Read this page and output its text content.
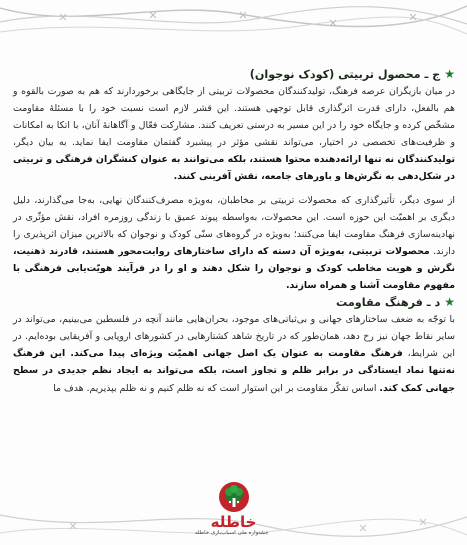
★
ج ـ محصول تربیتی (کودک نوجوان)

در میان بازیگران عرصه فرهنگ، تولیدکنندگان محصولات تربیتی از جایگاهی برخوردارند که هم به صورت بالقوه و هم بالفعل، دارای قدرت اثرگذاری قابل توجهی هستند. این قشر لازم است نسبت خود را با مسئلهٔ مقاومت مشخّص کرده و جایگاه خود را در این مسیر به درستی تعریف کنند. مشارکت فعّال و آگاهانهٔ آنان، با اتکا به امکانات و ظرفیت‌های تخصصی در اختیار، می‌تواند نقشی مؤثر در پیشبرد گفتمان مقاومت ایفا نماید. به بیان دیگر، تولیدکنندگان نه تنها ارائه‌دهنده محتوا هستند، بلکه می‌توانند به عنوان کنشگران فرهنگی و تربیتی در شکل‌دهی به نگرش‌ها و باورهای جامعه، نقش آفرینی کنند.

از سوی دیگر، تأثیرگذاری که محصولات تربیتی بر مخاطبان، به‌ویژه مصرف‌کنندگان نهایی، به‌جا می‌گذارند، دلیل دیگری بر اهمیّت این حوزه است. این محصولات، به‌واسطه پیوند عمیق با زندگی روزمره افراد، نقش مؤثّری در نهادینه‌سازی فرهنگ مقاومت ایفا می‌کنند؛ به‌ویژه در گروه‌های سنّی کودک و نوجوان که بالاترین میزان اثرپذیری را دارند. محصولات تربیتی، به‌ویژه آن دسته که دارای ساختارهای روایت‌محور هستند، قادرند ذهنیت، نگرش و هویت مخاطب کودک و نوجوان را شکل دهند و او را در فرآیند هویّت‌یابی فرهنگی با مفهوم مقاومت آشنا و همراه سازند.

★
د ـ فرهنگ مقاومت

با توجّه به ضعف ساختارهای جهانی و بی‌ثباتی‌های موجود، بحران‌هایی مانند آنچه در فلسطین می‌بینیم، می‌تواند در سایر نقاط جهان نیز رخ دهد، همان‌طور که در تاریخ شاهد کشتارهایی در کشورهای اروپایی و آفریقایی بوده‌ایم. در این شرایط، فرهنگ مقاومت به عنوان یک اصل جهانی اهمیّت ویژه‌ای پیدا می‌کند. این فرهنگ نه‌تنها نماد ایستادگی در برابر ظلم و تجاوز است، بلکه می‌تواند به ایجاد نظم جدیدی در سطح جهانی کمک کند. اساس تفکّر مقاومت بر این استوار است که نه ظلم کنیم و نه ظلم بپذیریم. هدف ما

خاطله
جشنواره ملی اسباب‌بازی خاطله
